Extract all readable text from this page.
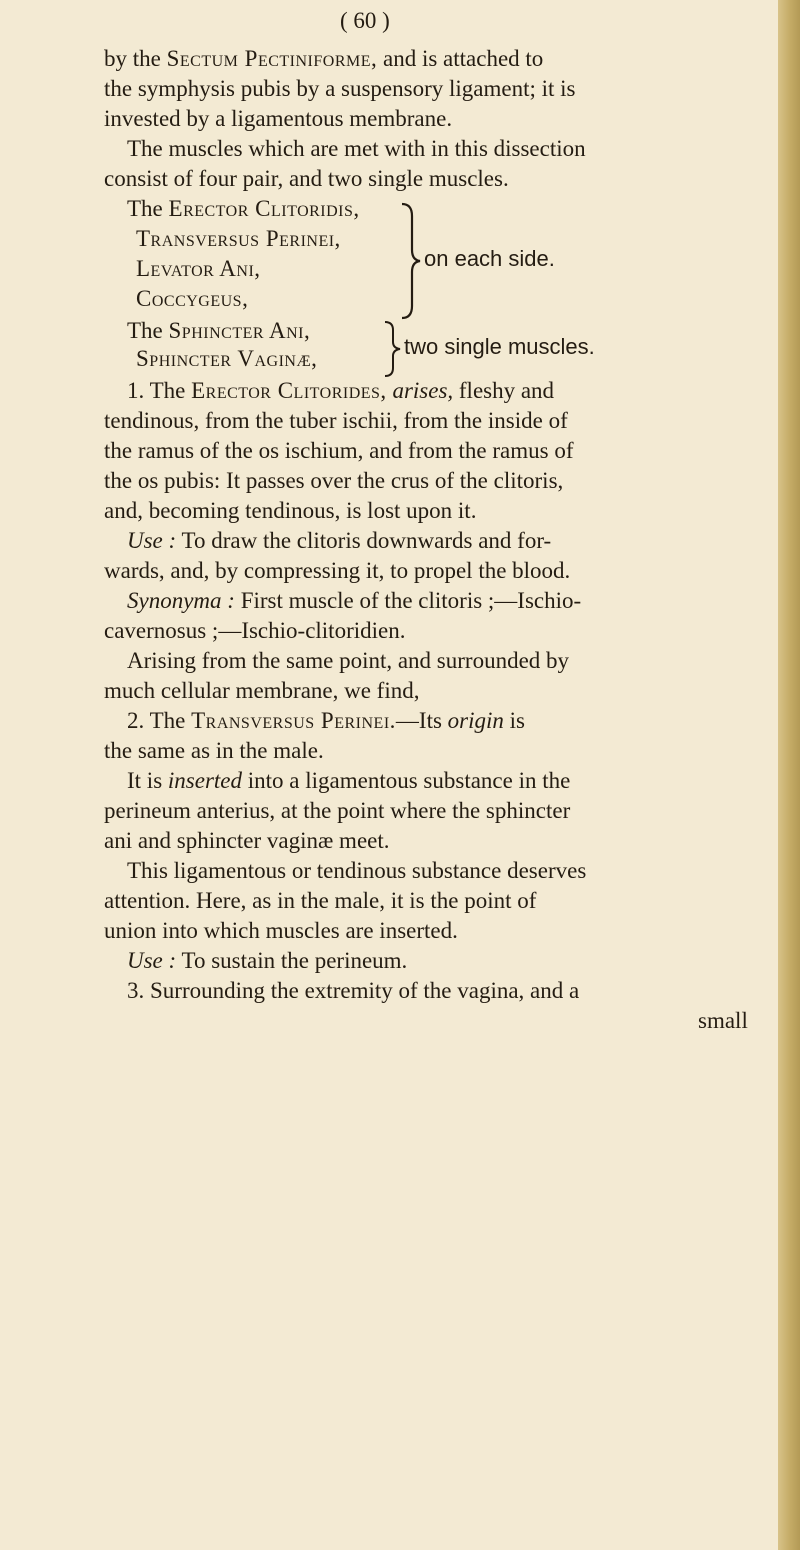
( 60 )
by the Sectum Pectiniforme, and is attached to
the symphysis pubis by a suspensory ligament; it is
invested by a ligamentous membrane.
The muscles which are met with in this dissection
consist of four pair, and two single muscles.
The Erector Clitoridis,
Transversus Perinei,
Levator Ani,
Coccygeus,
on each side.
The Sphincter Ani,
Sphincter Vaginæ,	two single muscles.
1. The Erector Clitorides, arises, fleshy and
tendinous, from the tuber ischii, from the inside of
the ramus of the os ischium, and from the ramus of
the os pubis: It passes over the crus of the clitoris,
and, becoming tendinous, is lost upon it.
Use : To draw the clitoris downwards and for-
wards, and, by compressing it, to propel the blood.
Synonyma : First muscle of the clitoris ;—Ischio-
cavernosus ;—Ischio-clitoridien.
Arising from the same point, and surrounded by
much cellular membrane, we find,
2. The Transversus Perinei.—Its origin is
the same as in the male.
It is inserted into a ligamentous substance in the
perineum anterius, at the point where the sphincter
ani and sphincter vaginæ meet.
This ligamentous or tendinous substance deserves
attention. Here, as in the male, it is the point of
union into which muscles are inserted.
Use : To sustain the perineum.
3. Surrounding the extremity of the vagina, and a
small
